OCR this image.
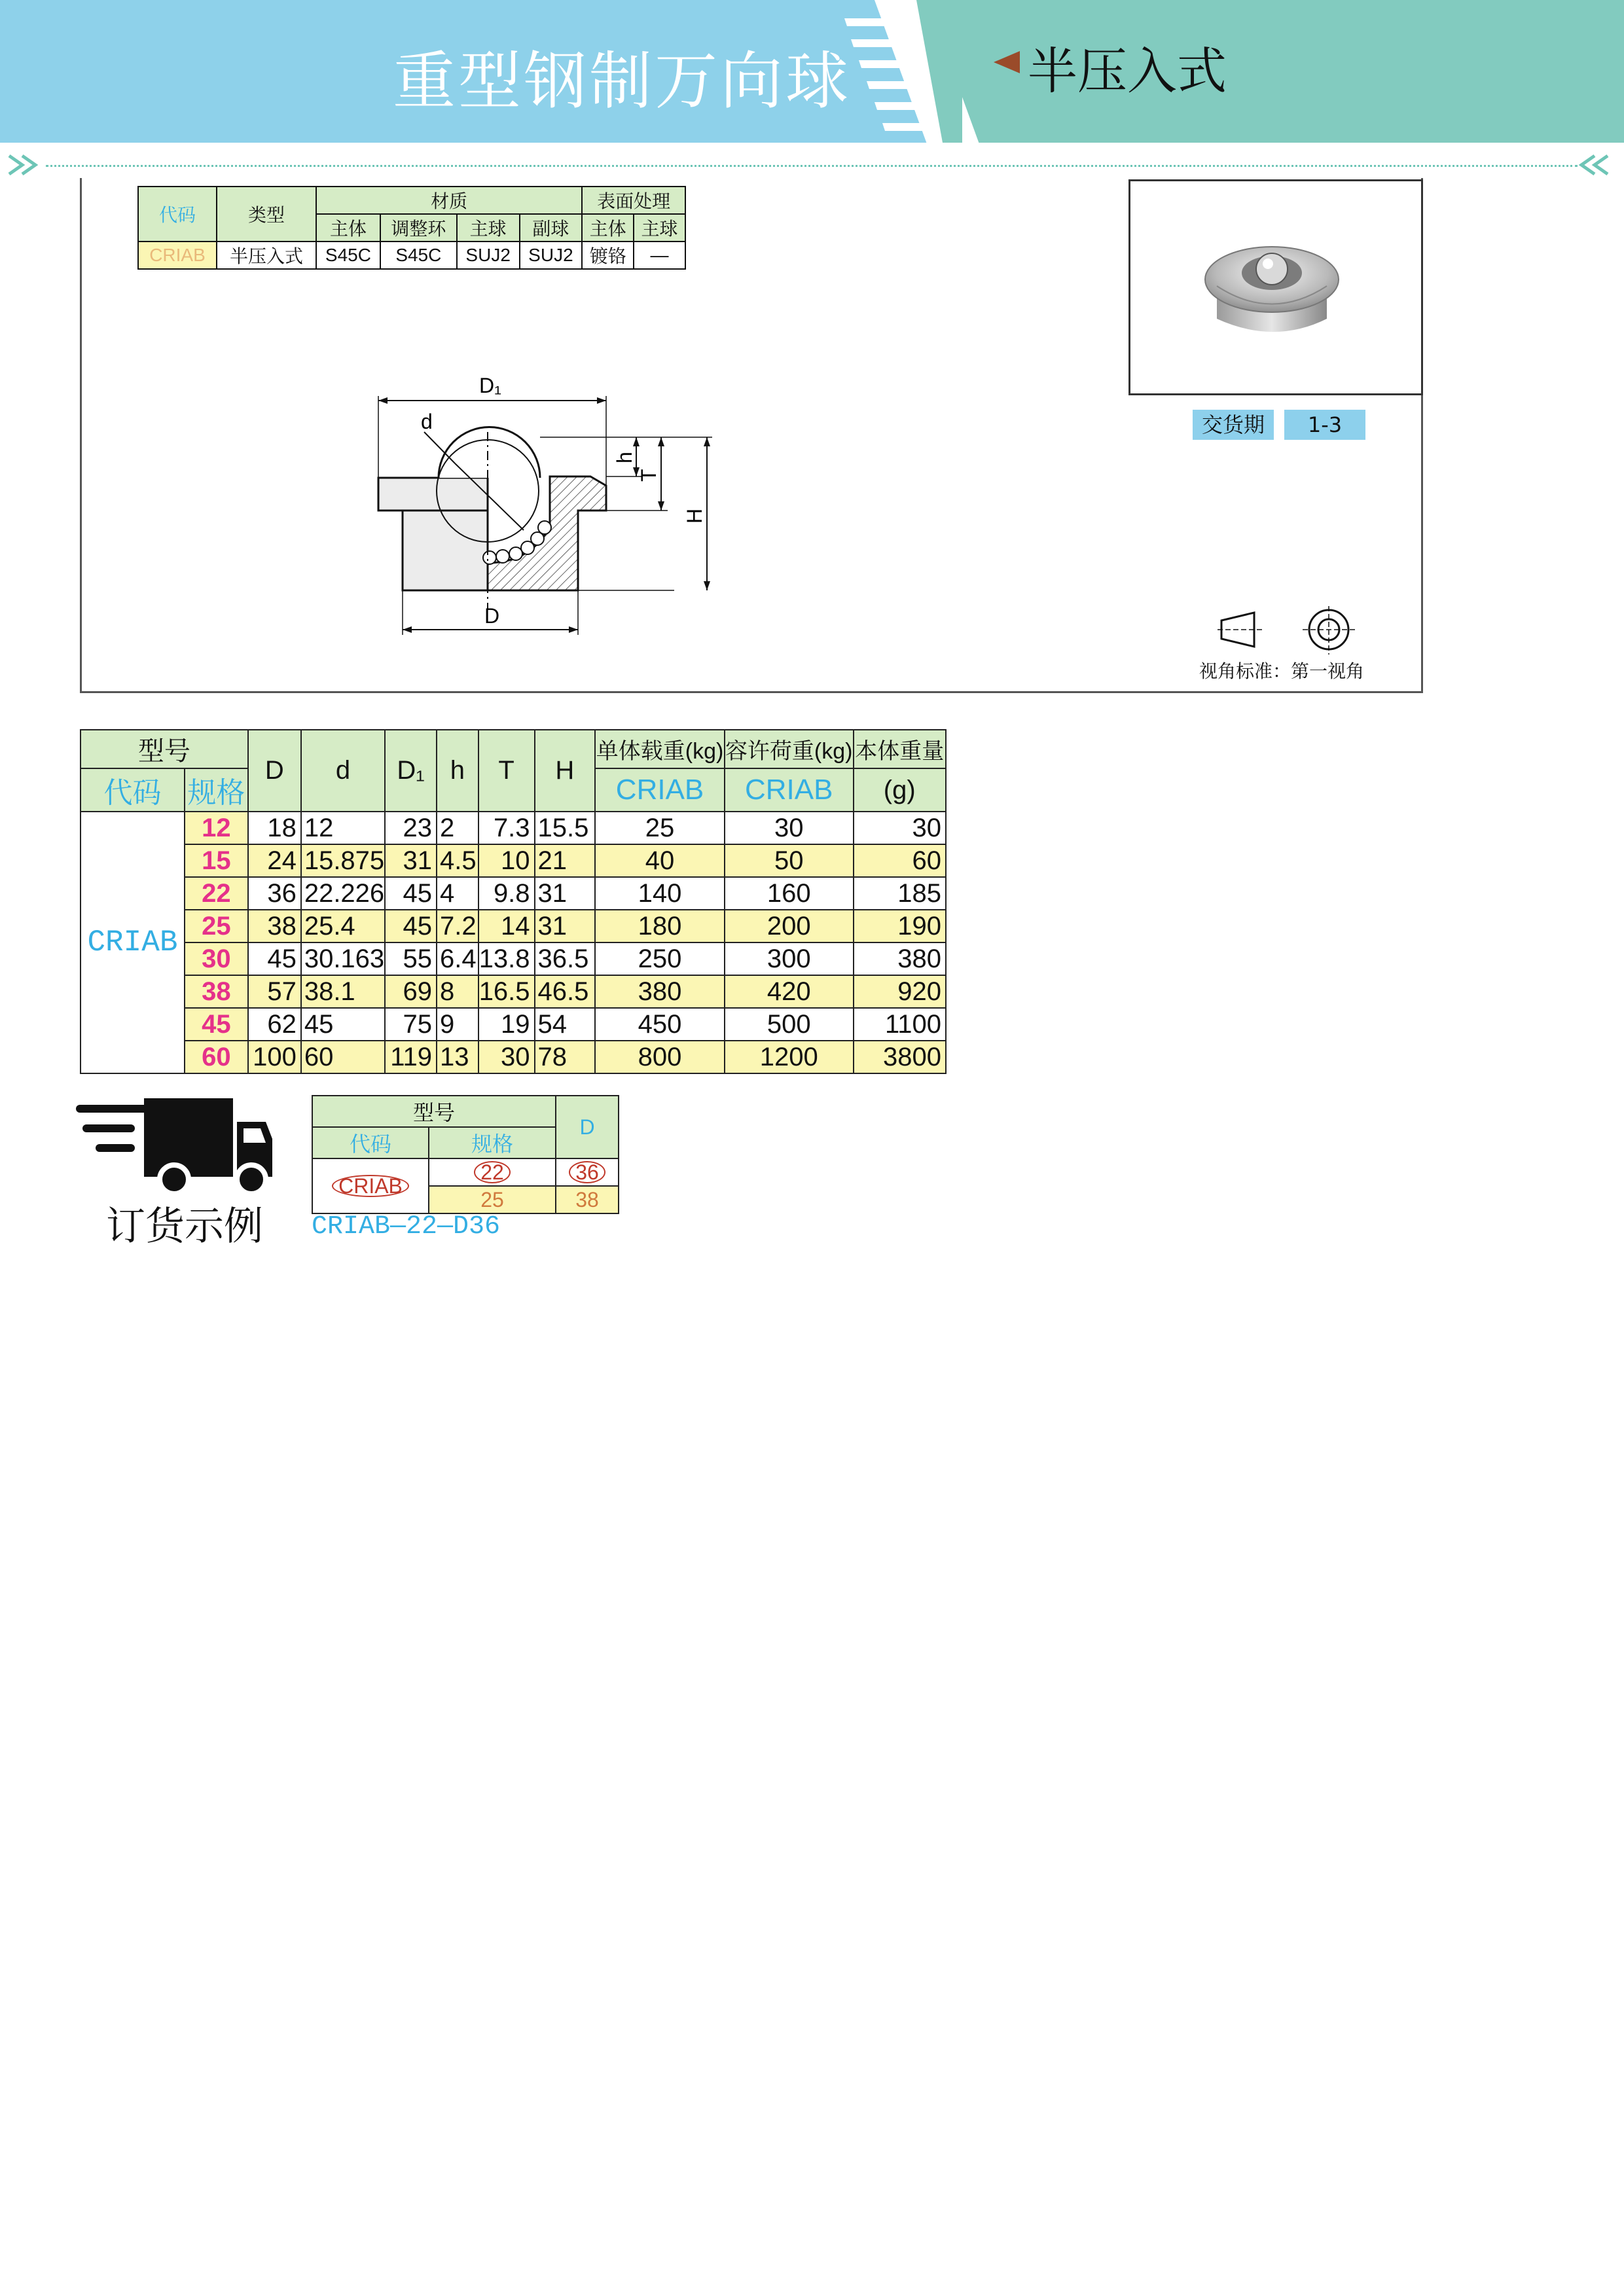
重型钢制万向球	半压入式
代码	类型	材质				表面处理	
		主体	调整环	主球	副球	主体	主球
CRIAB	半压入式	S45C	S45C	SUJ2	SUJ2	镀铬	—
D₁
d
D
h
T
H
交货期	1-3
视角标准：第一视角
型号		D	d	D₁	h	T	H	单体载重(kg)	容许荷重(kg)	本体重量
代码	规格							CRIAB	CRIAB	(g)
CRIAB	12	18	12	23	2	7.3	15.5	25	30	30
	15	24	15.875	31	4.5	10	21	40	50	60
	22	36	22.226	45	4	9.8	31	140	160	185
	25	38	25.4	45	7.2	14	31	180	200	190
	30	45	30.163	55	6.4	13.8	36.5	250	300	380
	38	57	38.1	69	8	16.5	46.5	380	420	920
	45	62	45	75	9	19	54	450	500	1100
	60	100	60	119	13	30	78	800	1200	3800
订货示例
型号		D
代码	规格	
CRIAB	22	36
	25	38
CRIAB—22—D36
